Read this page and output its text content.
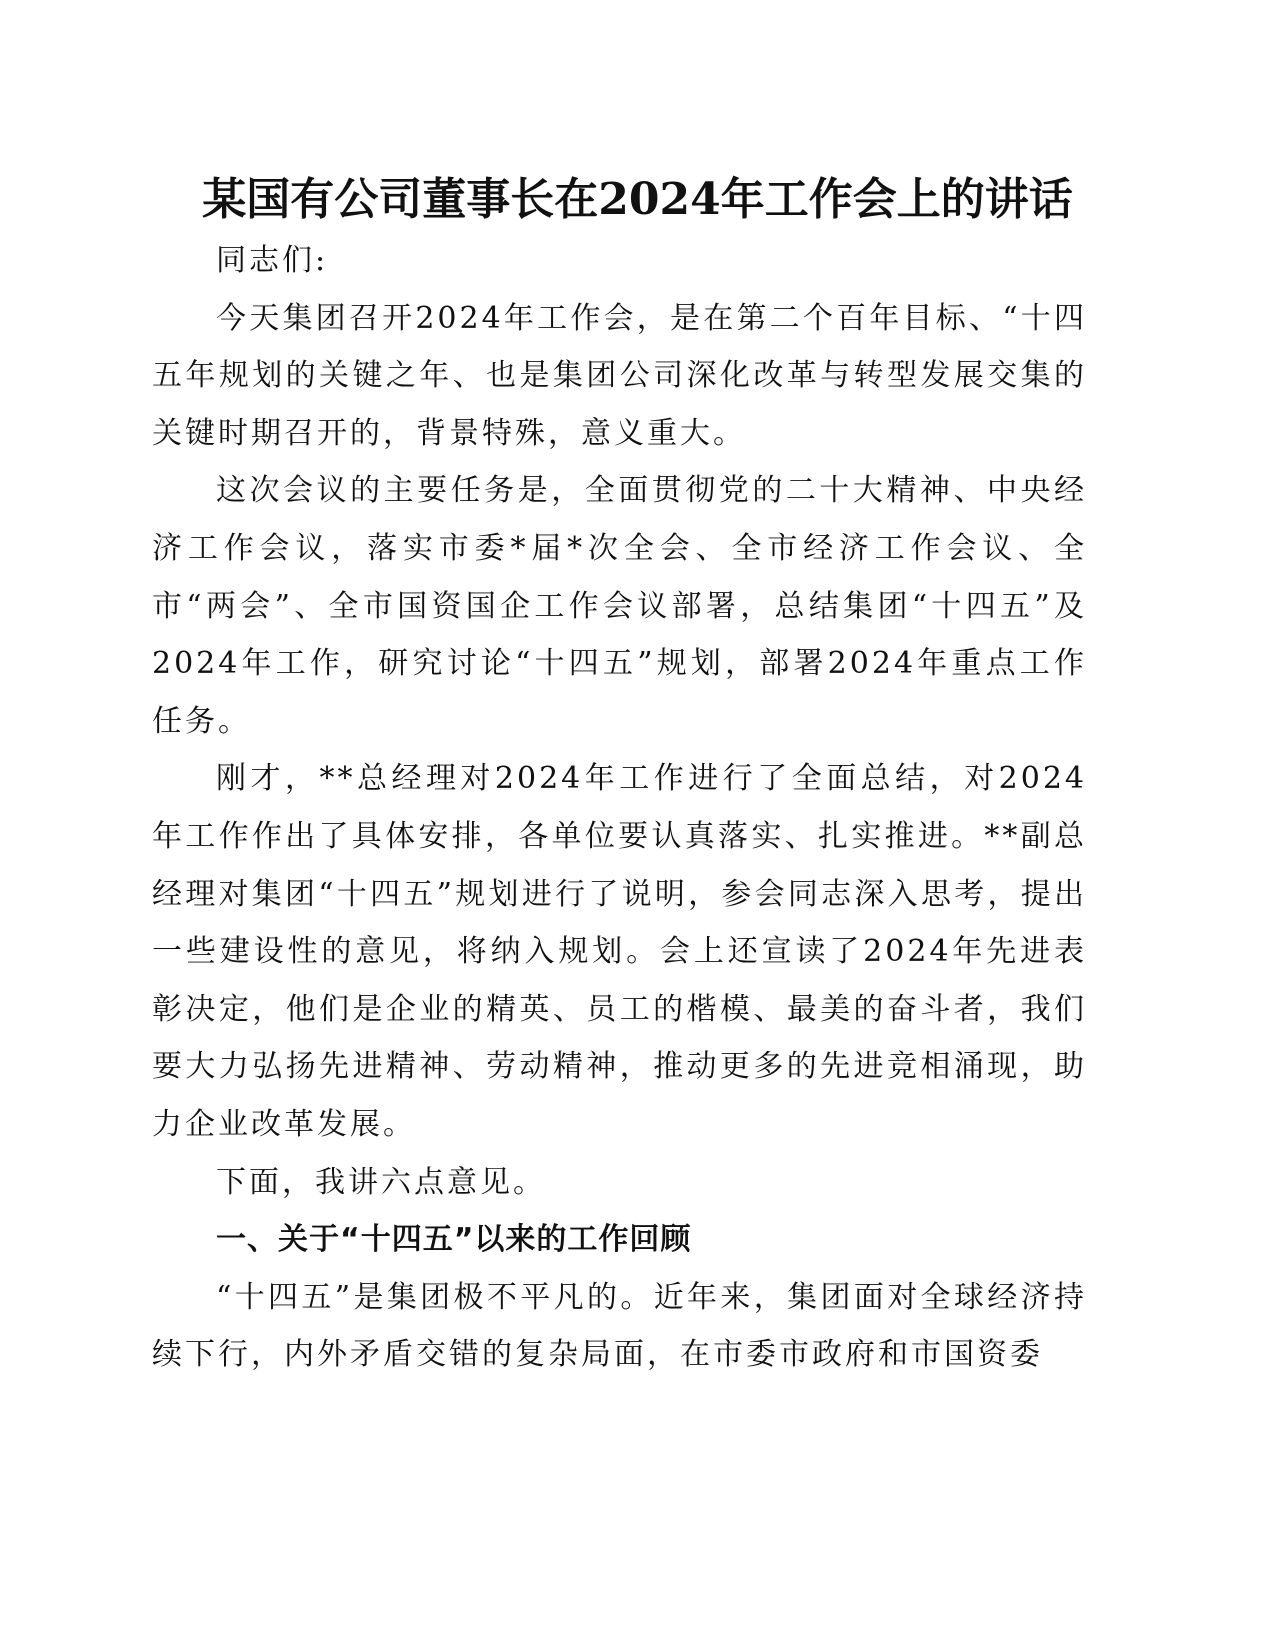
某国有公司董事长在2024年工作会上的讲话

同志们:

今天集团召开2024年工作会，是在第二个百年目标、“十四五年规划的关键之年、也是集团公司深化改革与转型发展交集的关键时期召开的，背景特殊，意义重大。

这次会议的主要任务是，全面贯彻党的二十大精神、中央经济工作会议，落实市委*届*次全会、全市经济工作会议、全市“两会”、全市国资国企工作会议部署，总结集团“十四五”及2024年工作，研究讨论“十四五”规划，部署2024年重点工作任务。

刚才，**总经理对2024年工作进行了全面总结，对2024年工作作出了具体安排，各单位要认真落实、扎实推进。**副总经理对集团“十四五”规划进行了说明，参会同志深入思考，提出一些建设性的意见，将纳入规划。会上还宣读了2024年先进表彰决定，他们是企业的精英、员工的楷模、最美的奋斗者，我们要大力弘扬先进精神、劳动精神，推动更多的先进竞相涌现，助力企业改革发展。

下面，我讲六点意见。

一、关于“十四五”以来的工作回顾

“十四五”是集团极不平凡的。近年来，集团面对全球经济持续下行，内外矛盾交错的复杂局面，在市委市政府和市国资委
